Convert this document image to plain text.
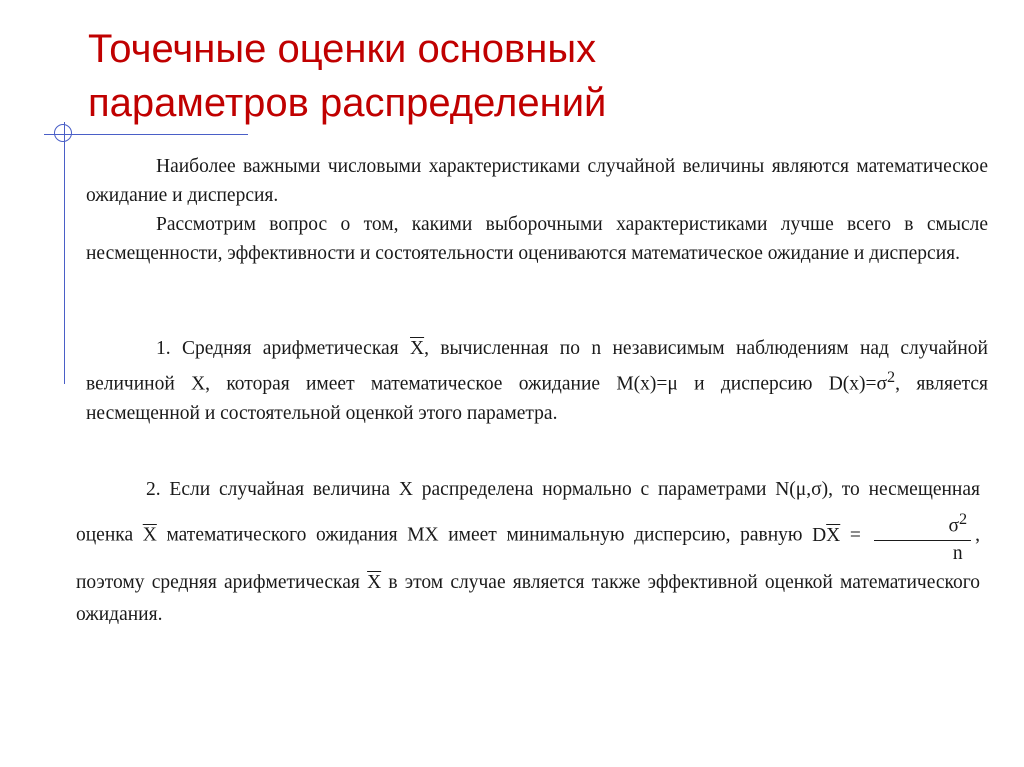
Точечные оценки основных
параметров распределений

Наиболее важными числовыми характеристиками случайной величины являются математическое ожидание и дисперсия.

Рассмотрим вопрос о том, какими выборочными характеристиками лучше всего в смысле несмещенности, эффективности и состоятельности оцениваются математическое ожидание и дисперсия.

1. Средняя арифметическая $\overline{X}$, вычисленная по n независимым наблюдениям над случайной величиной X, которая имеет математическое ожидание M(x)=μ и дисперсию $D(x)=\sigma^2$, является несмещенной и состоятельной оценкой этого параметра.

2. Если случайная величина X распределена нормально с параметрами N(μ,σ), то несмещенная оценка $\overline{X}$ математического ожидания MX имеет минимальную дисперсию, равную $D\overline{X} = \frac{\sigma^2}{n}$ , поэтому средняя арифметическая $\overline{X}$ в этом случае является также эффективной оценкой математического ожидания.
